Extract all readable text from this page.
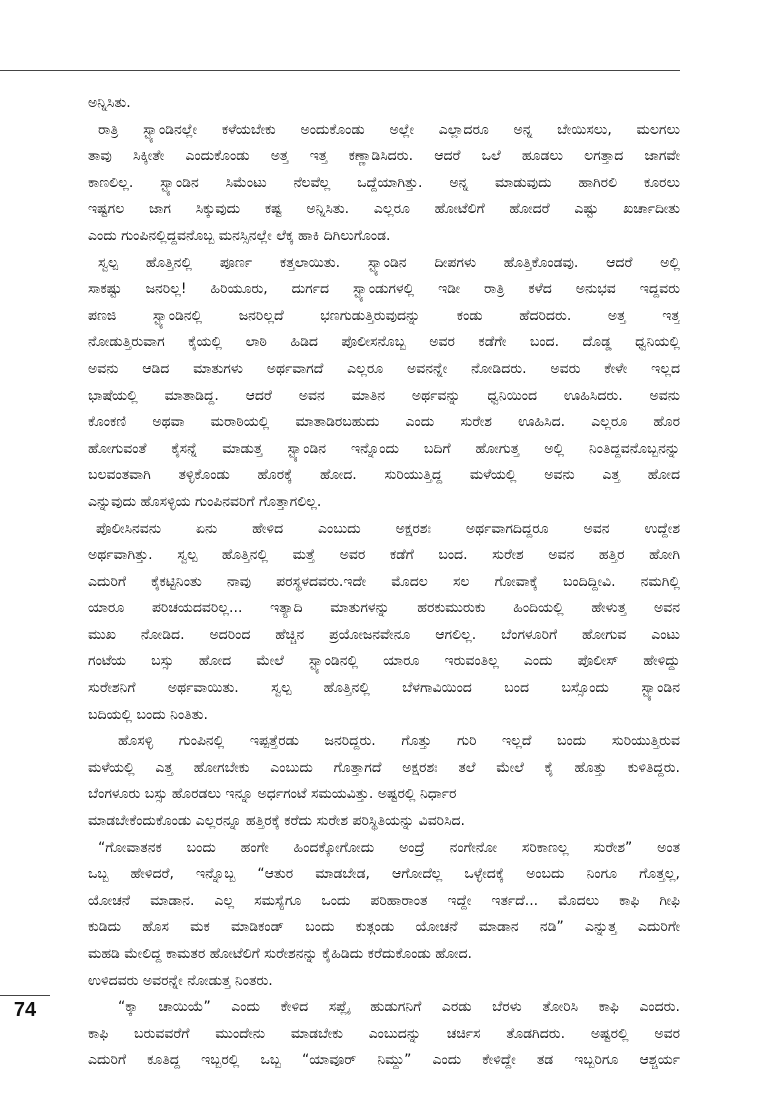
ಅನ್ನಿಸಿತು.
ರಾತ್ರಿ ಸ್ಟ್ಯಾಂಡಿನಲ್ಲೇ ಕಳೆಯಬೇಕು ಅಂದುಕೊಂಡು ಅಲ್ಲೇ ಎಲ್ಲಾದರೂ ಅನ್ನ ಬೇಯಿಸಲು, ಮಲಗಲು
ತಾವು ಸಿಕ್ಕೀತೇ ಎಂದುಕೊಂಡು ಅತ್ತ ಇತ್ತ ಕಣ್ಣಾಡಿಸಿದರು. ಆದರೆ ಒಲೆ ಹೂಡಲು ಲಗತ್ತಾದ ಜಾಗವೇ
ಕಾಣಲಿಲ್ಲ. ಸ್ಟ್ಯಾಂಡಿನ ಸಿಮೆಂಟು ನೆಲವೆಲ್ಲ ಒದ್ದೆಯಾಗಿತ್ತು. ಅನ್ನ ಮಾಡುವುದು ಹಾಗಿರಲಿ ಕೂರಲು
ಇಷ್ಟಗಲ ಜಾಗ ಸಿಕ್ಕುವುದು ಕಷ್ಟ ಅನ್ನಿಸಿತು. ಎಲ್ಲರೂ ಹೋಟೆಲಿಗೆ ಹೋದರೆ ಎಷ್ಟು ಖರ್ಚಾದೀತು
ಎಂದು ಗುಂಪಿನಲ್ಲಿದ್ದವನೊಬ್ಬ ಮನಸ್ಸಿನಲ್ಲೇ ಲೆಕ್ಕ ಹಾಕಿ ದಿಗಿಲುಗೊಂಡ.
ಸ್ವಲ್ಪ ಹೊತ್ತಿನಲ್ಲಿ ಪೂರ್ಣ ಕತ್ತಲಾಯಿತು. ಸ್ಟ್ಯಾಂಡಿನ ದೀಪಗಳು ಹೊತ್ತಿಕೊಂಡವು. ಆದರೆ ಅಲ್ಲಿ
ಸಾಕಷ್ಟು ಜನರಿಲ್ಲ! ಹಿರಿಯೂರು, ದುರ್ಗದ ಸ್ಟ್ಯಾಂಡುಗಳಲ್ಲಿ ಇಡೀ ರಾತ್ರಿ ಕಳೆದ ಅನುಭವ ಇದ್ದವರು
ಪಣಜಿ ಸ್ಟ್ಯಾಂಡಿನಲ್ಲಿ ಜನರಿಲ್ಲದೆ ಭಣಗುಡುತ್ತಿರುವುದನ್ನು ಕಂಡು ಹೆದರಿದರು. ಅತ್ತ ಇತ್ತ
ನೋಡುತ್ತಿರುವಾಗ ಕೈಯಲ್ಲಿ ಲಾಠಿ ಹಿಡಿದ ಪೊಲೀಸನೊಬ್ಬ ಅವರ ಕಡೆಗೇ ಬಂದ. ದೊಡ್ಡ ಧ್ವನಿಯಲ್ಲಿ
ಅವನು ಆಡಿದ ಮಾತುಗಳು ಅರ್ಥವಾಗದೆ ಎಲ್ಲರೂ ಅವನನ್ನೇ ನೋಡಿದರು. ಅವರು ಕೇಳೇ ಇಲ್ಲದ
ಭಾಷೆಯಲ್ಲಿ ಮಾತಾಡಿದ್ದ. ಆದರೆ ಅವನ ಮಾತಿನ ಅರ್ಥವನ್ನು ಧ್ವನಿಯಿಂದ ಊಹಿಸಿದರು. ಅವನು
ಕೊಂಕಣಿ ಅಥವಾ ಮರಾಠಿಯಲ್ಲಿ ಮಾತಾಡಿರಬಹುದು ಎಂದು ಸುರೇಶ ಊಹಿಸಿದ. ಎಲ್ಲರೂ ಹೊರ
ಹೋಗುವಂತೆ ಕೈಸನ್ನೆ ಮಾಡುತ್ತ ಸ್ಟ್ಯಾಂಡಿನ ಇನ್ನೊಂದು ಬದಿಗೆ ಹೋಗುತ್ತ ಅಲ್ಲಿ ನಿಂತಿದ್ದವನೊಬ್ಬನನ್ನು
ಬಲವಂತವಾಗಿ ತಳ್ಳಿಕೊಂಡು ಹೊರಕ್ಕೆ ಹೋದ. ಸುರಿಯುತ್ತಿದ್ದ ಮಳೆಯಲ್ಲಿ ಅವನು ಎತ್ತ ಹೋದ
ಎನ್ನುವುದು ಹೊಸಳ್ಳಿಯ ಗುಂಪಿನವರಿಗೆ ಗೊತ್ತಾಗಲಿಲ್ಲ.
ಪೊಲೀಸಿನವನು ಏನು ಹೇಳಿದ ಎಂಬುದು ಅಕ್ಷರಶಃ ಅರ್ಥವಾಗದಿದ್ದರೂ ಅವನ ಉದ್ದೇಶ
ಅರ್ಥವಾಗಿತ್ತು. ಸ್ವಲ್ಪ ಹೊತ್ತಿನಲ್ಲಿ ಮತ್ತೆ ಅವರ ಕಡೆಗೆ ಬಂದ. ಸುರೇಶ ಅವನ ಹತ್ತಿರ ಹೋಗಿ
ಎದುರಿಗೆ ಕೈಕಟ್ಟಿನಿಂತು ನಾವು ಪರಸ್ಥಳದವರು.ಇದೇ ಮೊದಲ ಸಲ ಗೋವಾಕ್ಕೆ ಬಂದಿದ್ದೀವಿ. ನಮಗಿಲ್ಲಿ
ಯಾರೂ ಪರಿಚಯದವರಿಲ್ಲ... ಇತ್ಯಾದಿ ಮಾತುಗಳನ್ನು ಹರಕುಮುರುಕು ಹಿಂದಿಯಲ್ಲಿ ಹೇಳುತ್ತ ಅವನ
ಮುಖ ನೋಡಿದ. ಅದರಿಂದ ಹೆಚ್ಚಿನ ಪ್ರಯೋಜನವೇನೂ ಆಗಲಿಲ್ಲ. ಬೆಂಗಳೂರಿಗೆ ಹೋಗುವ ಎಂಟು
ಗಂಟೆಯ ಬಸ್ಸು ಹೋದ ಮೇಲೆ ಸ್ಟ್ಯಾಂಡಿನಲ್ಲಿ ಯಾರೂ ಇರುವಂತಿಲ್ಲ ಎಂದು ಪೊಲೀಸ್ ಹೇಳಿದ್ದು
ಸುರೇಶನಿಗೆ ಅರ್ಥವಾಯಿತು. ಸ್ವಲ್ಪ ಹೊತ್ತಿನಲ್ಲಿ ಬೆಳಗಾವಿಯಿಂದ ಬಂದ ಬಸ್ಸೊಂದು ಸ್ಟ್ಯಾಂಡಿನ
ಬದಿಯಲ್ಲಿ ಬಂದು ನಿಂತಿತು.
ಹೊಸಳ್ಳಿ ಗುಂಪಿನಲ್ಲಿ ಇಪ್ಪತ್ತೆರಡು ಜನರಿದ್ದರು. ಗೊತ್ತು ಗುರಿ ಇಲ್ಲದೆ ಬಂದು ಸುರಿಯುತ್ತಿರುವ
ಮಳೆಯಲ್ಲಿ ಎತ್ತ ಹೋಗಬೇಕು ಎಂಬುದು ಗೊತ್ತಾಗದೆ ಅಕ್ಷರಶಃ ತಲೆ ಮೇಲೆ ಕೈ ಹೊತ್ತು ಕುಳಿತಿದ್ದರು.
ಬೆಂಗಳೂರು ಬಸ್ಸು ಹೊರಡಲು ಇನ್ನೂ ಅರ್ಧಗಂಟೆ ಸಮಯವಿತ್ತು. ಅಷ್ಟರಲ್ಲಿ ನಿರ್ಧಾರ
ಮಾಡಬೇಕೆಂದುಕೊಂಡು ಎಲ್ಲರನ್ನೂ ಹತ್ತಿರಕ್ಕೆ ಕರೆದು ಸುರೇಶ ಪರಿಸ್ಥಿತಿಯನ್ನು ವಿವರಿಸಿದ.
“ಗೋವಾತನಕ ಬಂದು ಹಂಗೇ ಹಿಂದಕ್ಕೋಗೋದು ಅಂದ್ರೆ ನಂಗೇನೋ ಸರಿಕಾಣಲ್ಲ ಸುರೇಶ” ಅಂತ
ಒಬ್ಬ ಹೇಳಿದರೆ, ಇನ್ನೊಬ್ಬ “ಆತುರ ಮಾಡಬೇಡ, ಆಗೋದೆಲ್ಲ ಒಳ್ಳೇದಕ್ಕೆ ಅಂಬದು ನಿಂಗೂ ಗೊತ್ತಲ್ಲ,
ಯೋಚನೆ ಮಾಡಾನ. ಎಲ್ಲ ಸಮಸ್ಯೆಗೂ ಒಂದು ಪರಿಹಾರಾಂತ ಇದ್ದೇ ಇರ್ತದೆ... ಮೊದಲು ಕಾಫಿ ಗೀಫಿ
ಕುಡಿದು ಹೊಸ ಮಕ ಮಾಡಿಕಂಡ್ ಬಂದು ಕುತ್ಗಂಡು ಯೋಚನೆ ಮಾಡಾನ ನಡಿ” ಎನ್ನುತ್ತ ಎದುರಿಗೇ
ಮಹಡಿ ಮೇಲಿದ್ದ ಕಾಮತರ ಹೋಟೆಲಿಗೆ ಸುರೇಶನನ್ನು ಕೈಹಿಡಿದು ಕರೆದುಕೊಂಡು ಹೋದ.
ಉಳಿದವರು ಅವರನ್ನೇ ನೋಡುತ್ತ ನಿಂತರು.
“ಕ್ಕಾ ಚಾಯಿಯೆ” ಎಂದು ಕೇಳಿದ ಸಪ್ಲೈ ಹುಡುಗನಿಗೆ ಎರಡು ಬೆರಳು ತೋರಿಸಿ ಕಾಫಿ ಎಂದರು.
ಕಾಫಿ ಬರುವವರೆಗೆ ಮುಂದೇನು ಮಾಡಬೇಕು ಎಂಬುದನ್ನು ಚರ್ಚಿಸ ತೊಡಗಿದರು. ಅಷ್ಟರಲ್ಲಿ ಅವರ
ಎದುರಿಗೆ ಕೂತಿದ್ದ ಇಬ್ಬರಲ್ಲಿ ಒಬ್ಬ “ಯಾವೂರ್ ನಿಮ್ದು” ಎಂದು ಕೇಳಿದ್ದೇ ತಡ ಇಬ್ಬರಿಗೂ ಆಶ್ಚರ್ಯ
74
